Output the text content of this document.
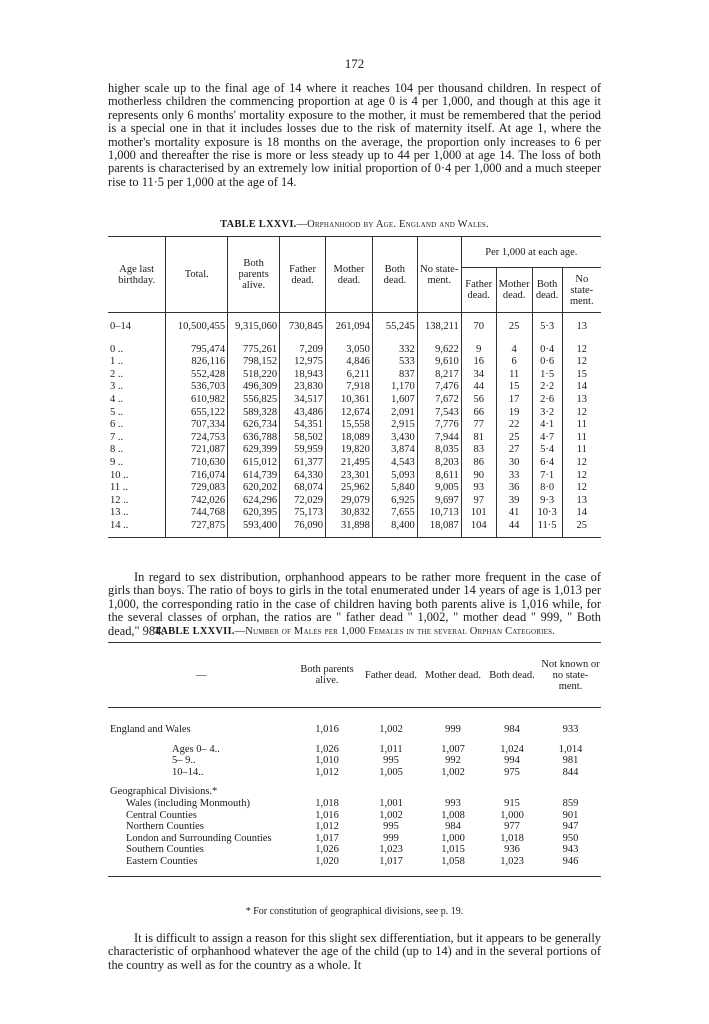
172

higher scale up to the final age of 14 where it reaches 104 per thousand children. In respect of motherless children the commencing proportion at age 0 is 4 per 1,000, and though at this age it represents only 6 months' mortality exposure to the mother, it must be remembered that the period is a special one in that it includes losses due to the risk of maternity itself. At age 1, where the mother's mortality exposure is 18 months on the average, the proportion only increases to 6 per 1,000 and thereafter the rise is more or less steady up to 44 per 1,000 at age 14. The loss of both parents is characterised by an extremely low initial proportion of 0·4 per 1,000 and a much steeper rise to 11·5 per 1,000 at the age of 14.

TABLE LXXVI.—Orphanhood by Age. England and Wales.
Age last birthday.	Total.	Both parents alive.	Father dead.	Mother dead.	Both dead.	No state-ment.	Per 1,000 at each age.			
							Father dead.	Mother dead.	Both dead.	No state-ment.
0–14	10,500,455	9,315,060	730,845	261,094	55,245	138,211	70	25	5·3	13
0 ..	795,474	775,261	7,209	3,050	332	9,622	9	4	0·4	12
1 ..	826,116	798,152	12,975	4,846	533	9,610	16	6	0·6	12
2 ..	552,428	518,220	18,943	6,211	837	8,217	34	11	1·5	15
3 ..	536,703	496,309	23,830	7,918	1,170	7,476	44	15	2·2	14
4 ..	610,982	556,825	34,517	10,361	1,607	7,672	56	17	2·6	13
5 ..	655,122	589,328	43,486	12,674	2,091	7,543	66	19	3·2	12
6 ..	707,334	626,734	54,351	15,558	2,915	7,776	77	22	4·1	11
7 ..	724,753	636,788	58,502	18,089	3,430	7,944	81	25	4·7	11
8 ..	721,087	629,399	59,959	19,820	3,874	8,035	83	27	5·4	11
9 ..	710,630	615,012	61,377	21,495	4,543	8,203	86	30	6·4	12
10 ..	716,074	614,739	64,330	23,301	5,093	8,611	90	33	7·1	12
11 ..	729,083	620,202	68,074	25,962	5,840	9,005	93	36	8·0	12
12 ..	742,026	624,296	72,029	29,079	6,925	9,697	97	39	9·3	13
13 ..	744,768	620,395	75,173	30,832	7,655	10,713	101	41	10·3	14
14 ..	727,875	593,400	76,090	31,898	8,400	18,087	104	44	11·5	25

In regard to sex distribution, orphanhood appears to be rather more frequent in the case of girls than boys. The ratio of boys to girls in the total enumerated under 14 years of age is 1,013 per 1,000, the corresponding ratio in the case of children having both parents alive is 1,016 while, for the several classes of orphan, the ratios are " father dead " 1,002, " mother dead " 999, " Both dead," 984.

TABLE LXXVII.—Number of Males per 1,000 Females in the several Orphan Categories.
—	Both parents alive.	Father dead.	Mother dead.	Both dead.	Not known or no state-ment.

England and Wales	1,016	1,002	999	984	933

Ages 0– 4..	1,026	1,011	1,007	1,024	1,014
5– 9..	1,010	995	992	994	981
10–14..	1,012	1,005	1,002	975	844

Geographical Divisions.*					
Wales (including Monmouth)	1,018	1,001	993	915	859
Central Counties	1,016	1,002	1,008	1,000	901
Northern Counties	1,012	995	984	977	947
London and Surrounding Counties	1,017	999	1,000	1,018	950
Southern Counties	1,026	1,023	1,015	936	943
Eastern Counties	1,020	1,017	1,058	1,023	946

* For constitution of geographical divisions, see p. 19.

It is difficult to assign a reason for this slight sex differentiation, but it appears to be generally characteristic of orphanhood whatever the age of the child (up to 14) and in the several portions of the country as well as for the country as a whole. It
